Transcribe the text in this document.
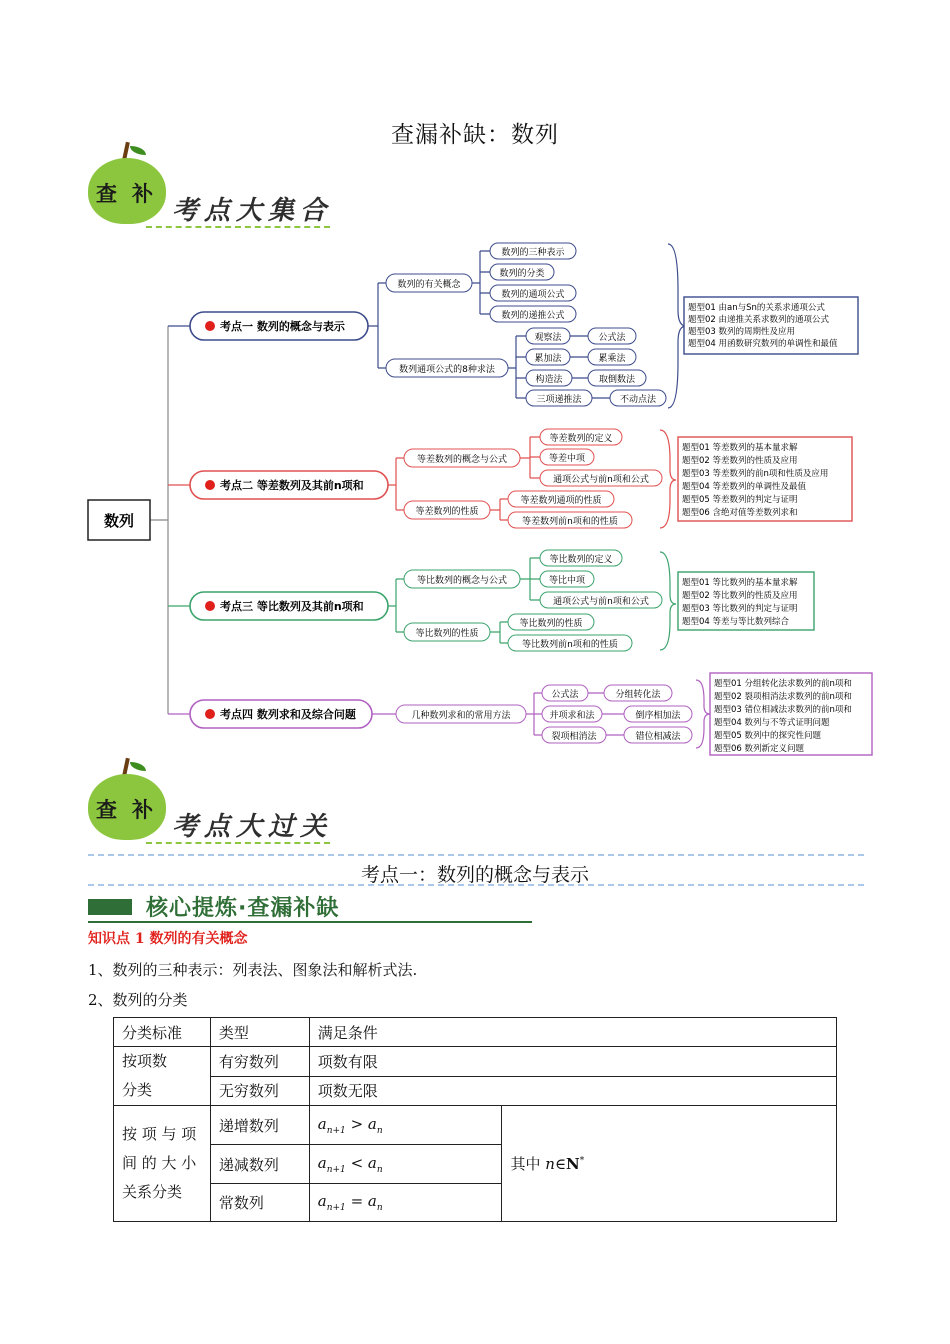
查漏补缺：数列
查 补
考点大集合
数列
考点一 数列的概念与表示
数列的有关概念
数列通项公式的8种求法
数列的三种表示
数列的分类
数列的通项公式
数列的递推公式
观察法	公式法
累加法	累乘法
构造法	取倒数法
三项递推法	不动点法
题型01 由an与Sn的关系求通项公式
题型02 由递推关系求数列的通项公式
题型03 数列的周期性及应用
题型04 用函数研究数列的单调性和最值
考点二 等差数列及其前n项和
等差数列的概念与公式
等差数列的性质
等差数列的定义
等差中项
通项公式与前n项和公式
等差数列通项的性质
等差数列前n项和的性质
题型01 等差数列的基本量求解
题型02 等差数列的性质及应用
题型03 等差数列的前n项和性质及应用
题型04 等差数列的单调性及最值
题型05 等差数列的判定与证明
题型06 含绝对值等差数列求和
考点三 等比数列及其前n项和
等比数列的概念与公式
等比数列的性质
等比数列的定义
等比中项
通项公式与前n项和公式
等比数列的性质
等比数列前n项和的性质
题型01 等比数列的基本量求解
题型02 等比数列的性质及应用
题型03 等比数列的判定与证明
题型04 等差与等比数列综合
考点四 数列求和及综合问题	几种数列求和的常用方法
公式法	分组转化法
并项求和法	倒序相加法
裂项相消法	错位相减法
题型01 分组转化法求数列的前n项和
题型02 裂项相消法求数列的前n项和
题型03 错位相减法求数列的前n项和
题型04 数列与不等式证明问题
题型05 数列中的探究性问题
题型06 数列新定义问题
查 补
考点大过关
考点一：数列的概念与表示
核心提炼·查漏补缺
知识点 1 数列的有关概念
1、数列的三种表示：列表法、图象法和解析式法.
2、数列的分类
分类标准	类型	满足条件	

按项数
分类	有穷数列	项数有限	
	无穷数列	项数无限	

按 项 与 项
间 的 大 小
关系分类	递增数列	$a_{n+1} > a_n$	其中 n∈N*
	递减数列	$a_{n+1} < a_n$
	常数列	$a_{n+1} = a_n$
